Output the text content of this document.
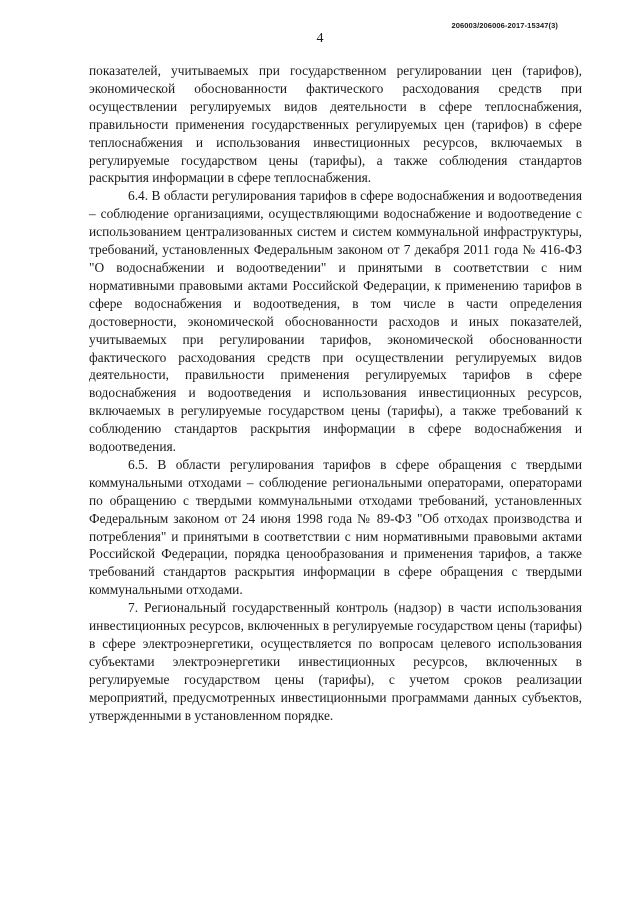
206003/206006-2017-15347(3)
4

показателей, учитываемых при государственном регулировании цен (тарифов), экономической обоснованности фактического расходования средств при осуществлении регулируемых видов деятельности в сфере теплоснабжения, правильности применения государственных регулируемых цен (тарифов) в сфере теплоснабжения и использования инвестиционных ресурсов, включаемых в регулируемые государством цены (тарифы), а также соблюдения стандартов раскрытия информации в сфере теплоснабжения.

6.4. В области регулирования тарифов в сфере водоснабжения и водоотведения – соблюдение организациями, осуществляющими водоснабжение и водоотведение с использованием централизованных систем и систем коммунальной инфраструктуры, требований, установленных Федеральным законом от 7 декабря 2011 года № 416-ФЗ "О водоснабжении и водоотведении" и принятыми в соответствии с ним нормативными правовыми актами Российской Федерации, к применению тарифов в сфере водоснабжения и водоотведения, в том числе в части определения достоверности, экономической обоснованности расходов и иных показателей, учитываемых при регулировании тарифов, экономической обоснованности фактического расходования средств при осуществлении регулируемых видов деятельности, правильности применения регулируемых тарифов в сфере водоснабжения и водоотведения и использования инвестиционных ресурсов, включаемых в регулируемые государством цены (тарифы), а также требований к соблюдению стандартов раскрытия информации в сфере водоснабжения и водоотведения.

6.5. В области регулирования тарифов в сфере обращения с твердыми коммунальными отходами – соблюдение региональными операторами, операторами по обращению с твердыми коммунальными отходами требований, установленных Федеральным законом от 24 июня 1998 года № 89-ФЗ "Об отходах производства и потребления" и принятыми в соответствии с ним нормативными правовыми актами Российской Федерации, порядка ценообразования и применения тарифов, а также требований стандартов раскрытия информации в сфере обращения с твердыми коммунальными отходами.

7. Региональный государственный контроль (надзор) в части использования инвестиционных ресурсов, включенных в регулируемые государством цены (тарифы) в сфере электроэнергетики, осуществляется по вопросам целевого использования субъектами электроэнергетики инвестиционных ресурсов, включенных в регулируемые государством цены (тарифы), с учетом сроков реализации мероприятий, предусмотренных инвестиционными программами данных субъектов, утвержденными в установленном порядке.
